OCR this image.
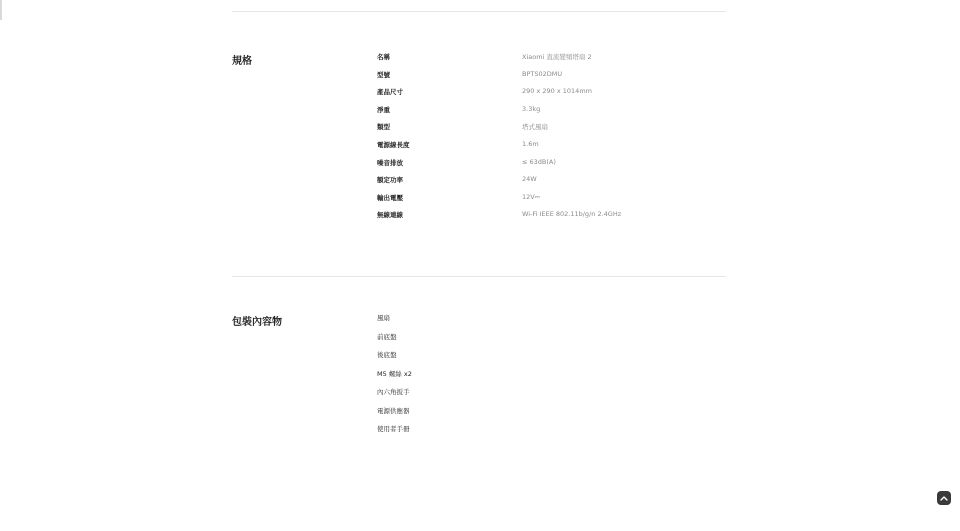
規格	名稱	Xiaomi 直流變頻塔扇 2
型號	BPTS02DMU
產品尺寸	290 x 290 x 1014mm
淨重	3.3kg
類型	塔式風扇
電源線長度	1.6m
噪音排放	≤ 63dB(A)
額定功率	24W
輸出電壓	12V⎓
無線連線	Wi-Fi IEEE 802.11b/g/n 2.4GHz
包裝內容物	風扇
前底盤
後底盤
M5 螺絲 x2
內六角扳手
電源供應器
使用者手冊
